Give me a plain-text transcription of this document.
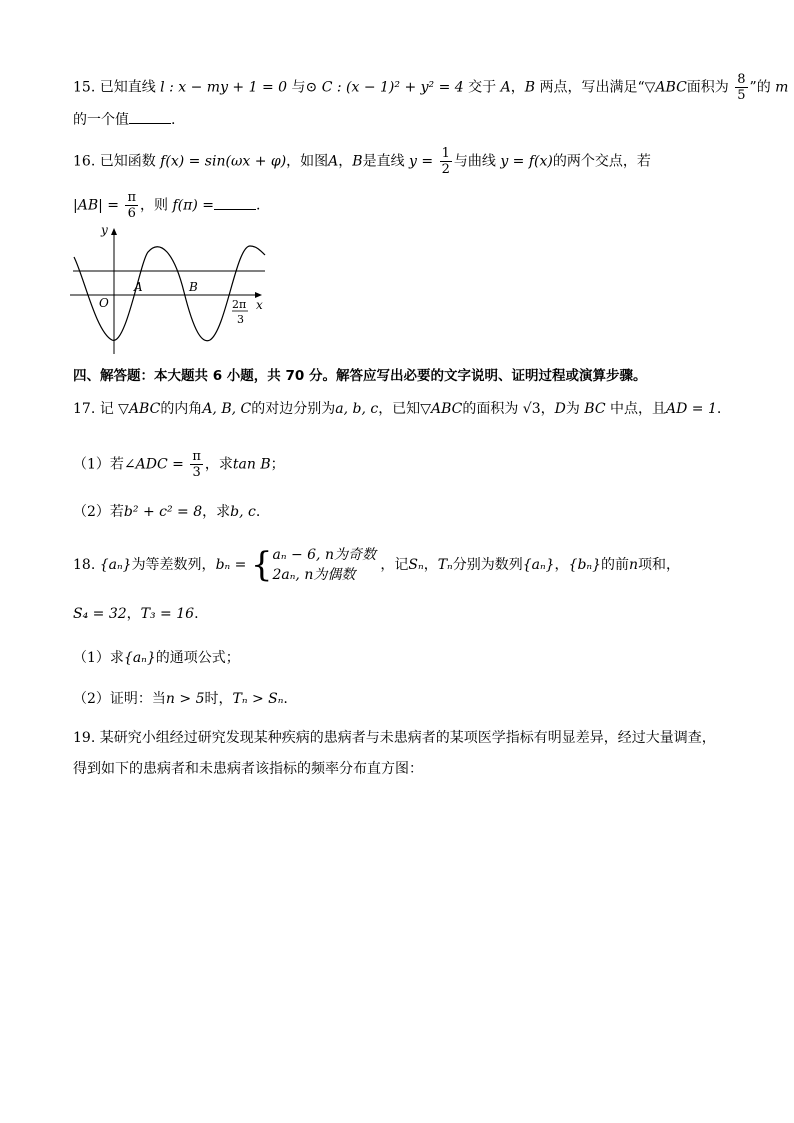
15. 已知直线 l : x − my + 1 = 0 与⊙ C : (x − 1)² + y² = 4 交于 A，B 两点，写出满足“▽ABC面积为 $\frac{8}{5}$ ”的 m
的一个值	.
16. 已知函数 f(x) = sin(ωx + φ)，如图A，B是直线 $y = \frac{1}{2}$ 与曲线 y = f(x)的两个交点，若
$|AB| = \frac{\pi}{6}$ ，则 f(π) =	.
O
y
x
A	B
2π
3
四、解答题：本大题共 6 小题，共 70 分。解答应写出必要的文字说明、证明过程或演算步骤。
17. 记 ▽ABC的内角A, B, C的对边分别为a, b, c，已知▽ABC的面积为 √3，D为 BC 中点，且AD = 1.
（1）若∠ADC = $\frac{\pi}{3}$ ，求tan B；
（2）若b² + c² = 8，求b, c.
18. {aₙ}为等差数列，bₙ = { aₙ − 6, n为奇数
2aₙ, n为偶数
，记Sₙ，Tₙ分别为数列{aₙ}，{bₙ}的前n项和，
S₄ = 32，T₃ = 16.
（1）求{aₙ}的通项公式；
（2）证明：当n > 5时，Tₙ > Sₙ.
19. 某研究小组经过研究发现某种疾病的患病者与未患病者的某项医学指标有明显差异，经过大量调查，
得到如下的患病者和未患病者该指标的频率分布直方图：
